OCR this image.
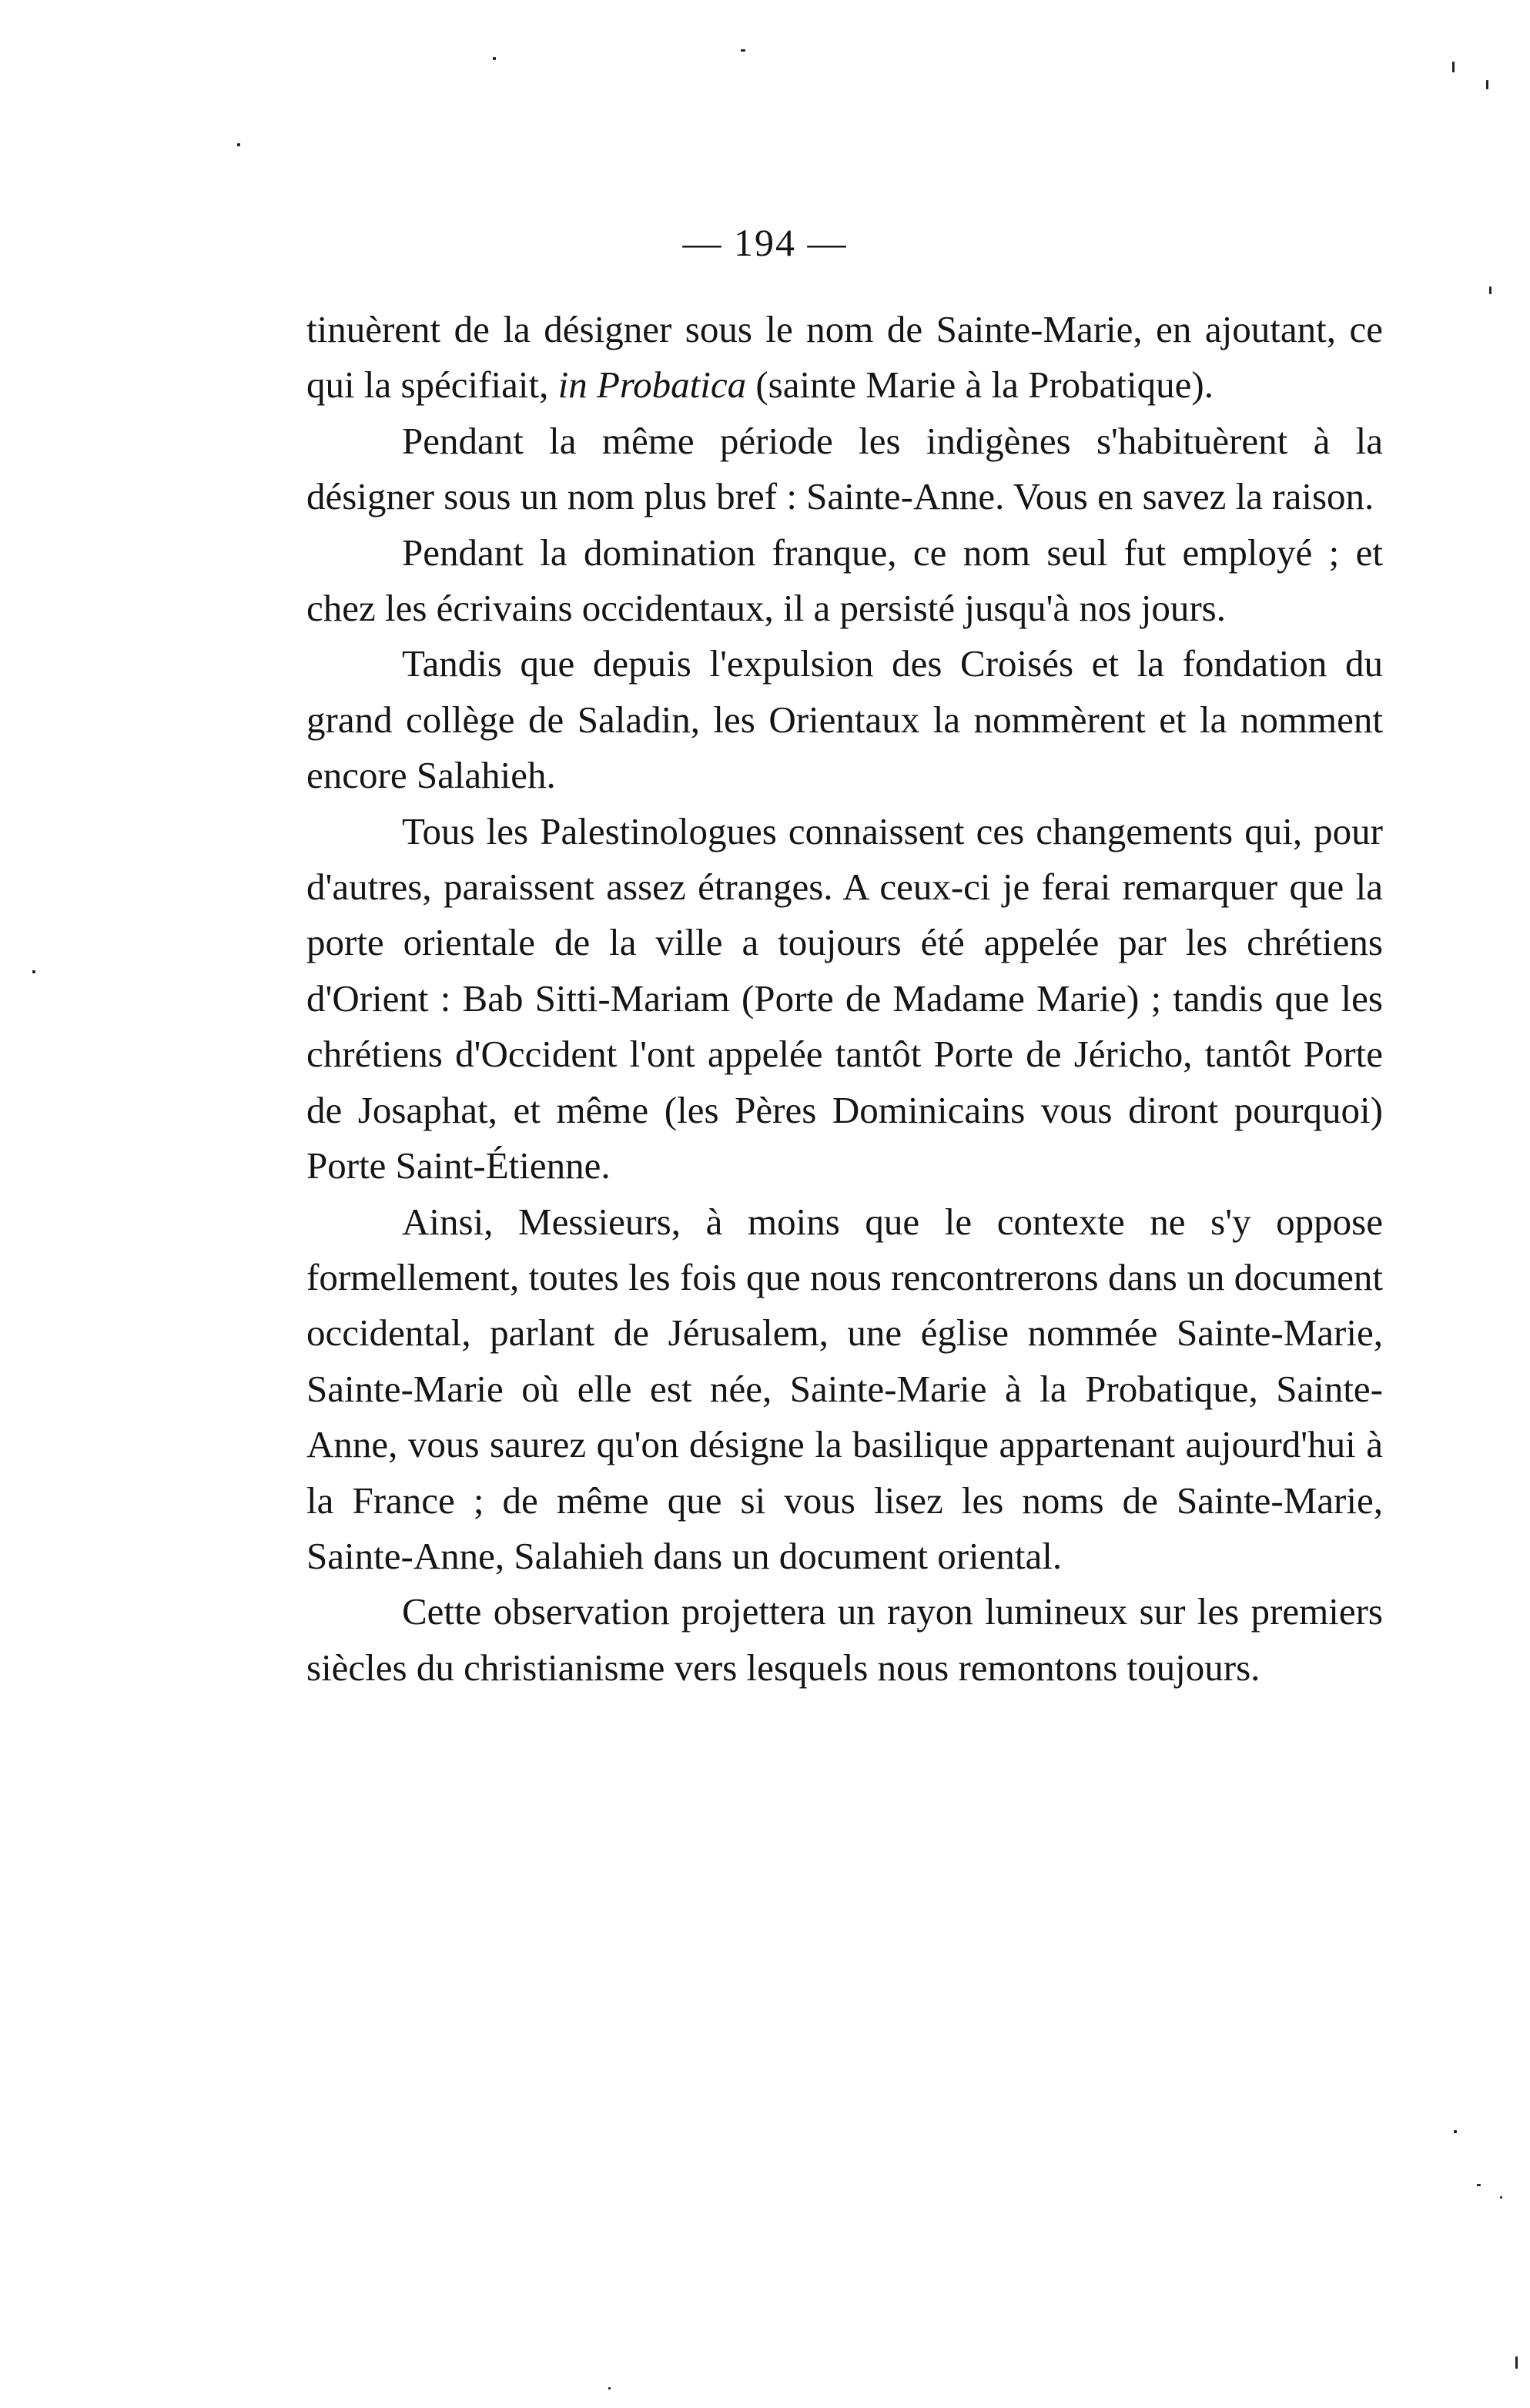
— 194 —

tinuèrent de la désigner sous le nom de Sainte-Marie, en ajoutant, ce qui la spécifiait, in Probatica (sainte Marie à la Probatique).

Pendant la même période les indigènes s'habituèrent à la désigner sous un nom plus bref : Sainte-Anne. Vous en savez la raison.

Pendant la domination franque, ce nom seul fut employé ; et chez les écrivains occidentaux, il a persisté jusqu'à nos jours.

Tandis que depuis l'expulsion des Croisés et la fondation du grand collège de Saladin, les Orientaux la nommèrent et la nomment encore Salahieh.

Tous les Palestinologues connaissent ces changements qui, pour d'autres, paraissent assez étranges. A ceux-ci je ferai remarquer que la porte orientale de la ville a toujours été appelée par les chrétiens d'Orient : Bab Sitti-Mariam (Porte de Madame Marie) ; tandis que les chrétiens d'Occident l'ont appelée tantôt Porte de Jéricho, tantôt Porte de Josaphat, et même (les Pères Dominicains vous diront pourquoi) Porte Saint-Étienne.

Ainsi, Messieurs, à moins que le contexte ne s'y oppose formellement, toutes les fois que nous rencontrerons dans un document occidental, parlant de Jérusalem, une église nommée Sainte-Marie, Sainte-Marie où elle est née, Sainte-Marie à la Probatique, Sainte-Anne, vous saurez qu'on désigne la basilique appartenant aujourd'hui à la France ; de même que si vous lisez les noms de Sainte-Marie, Sainte-Anne, Salahieh dans un document oriental.

Cette observation projettera un rayon lumineux sur les premiers siècles du christianisme vers lesquels nous remontons toujours.
